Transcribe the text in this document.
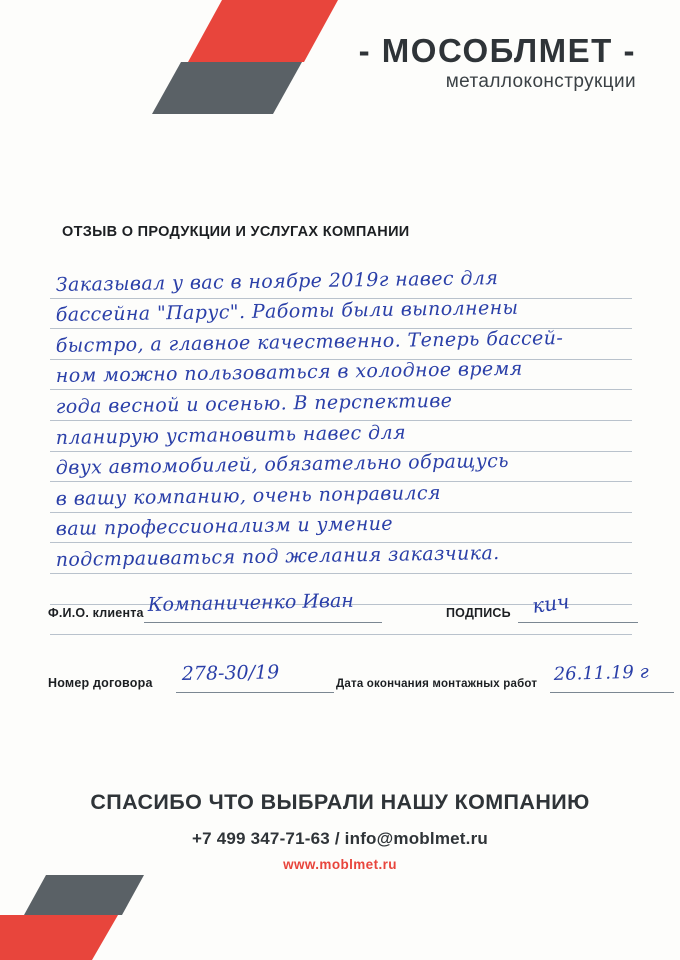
- МОСОБЛМЕТ -
металлоконструкции
ОТЗЫВ О ПРОДУКЦИИ И УСЛУГАХ КОМПАНИИ
Заказывал у вас в ноябре 2019г навес для
бассейна "Парус". Работы были выполнены
быстро, а главное качественно. Теперь бассей-
ном можно пользоваться в холодное время
года весной и осенью. В перспективе
планирую установить навес для
двух автомобилей, обязательно обращусь
в вашу компанию, очень понравился
ваш профессионализм и умение
подстраиваться под желания заказчика.
Ф.И.О. клиента Кoмпaниченко Иван	ПОДПИСЬ кич
Номер договора 278-30/19	Дата окончания монтажных работ 26.11.19 г
СПАСИБО ЧТО ВЫБРАЛИ НАШУ КОМПАНИЮ
+7 499 347-71-63 / info@moblmet.ru
www.moblmet.ru
